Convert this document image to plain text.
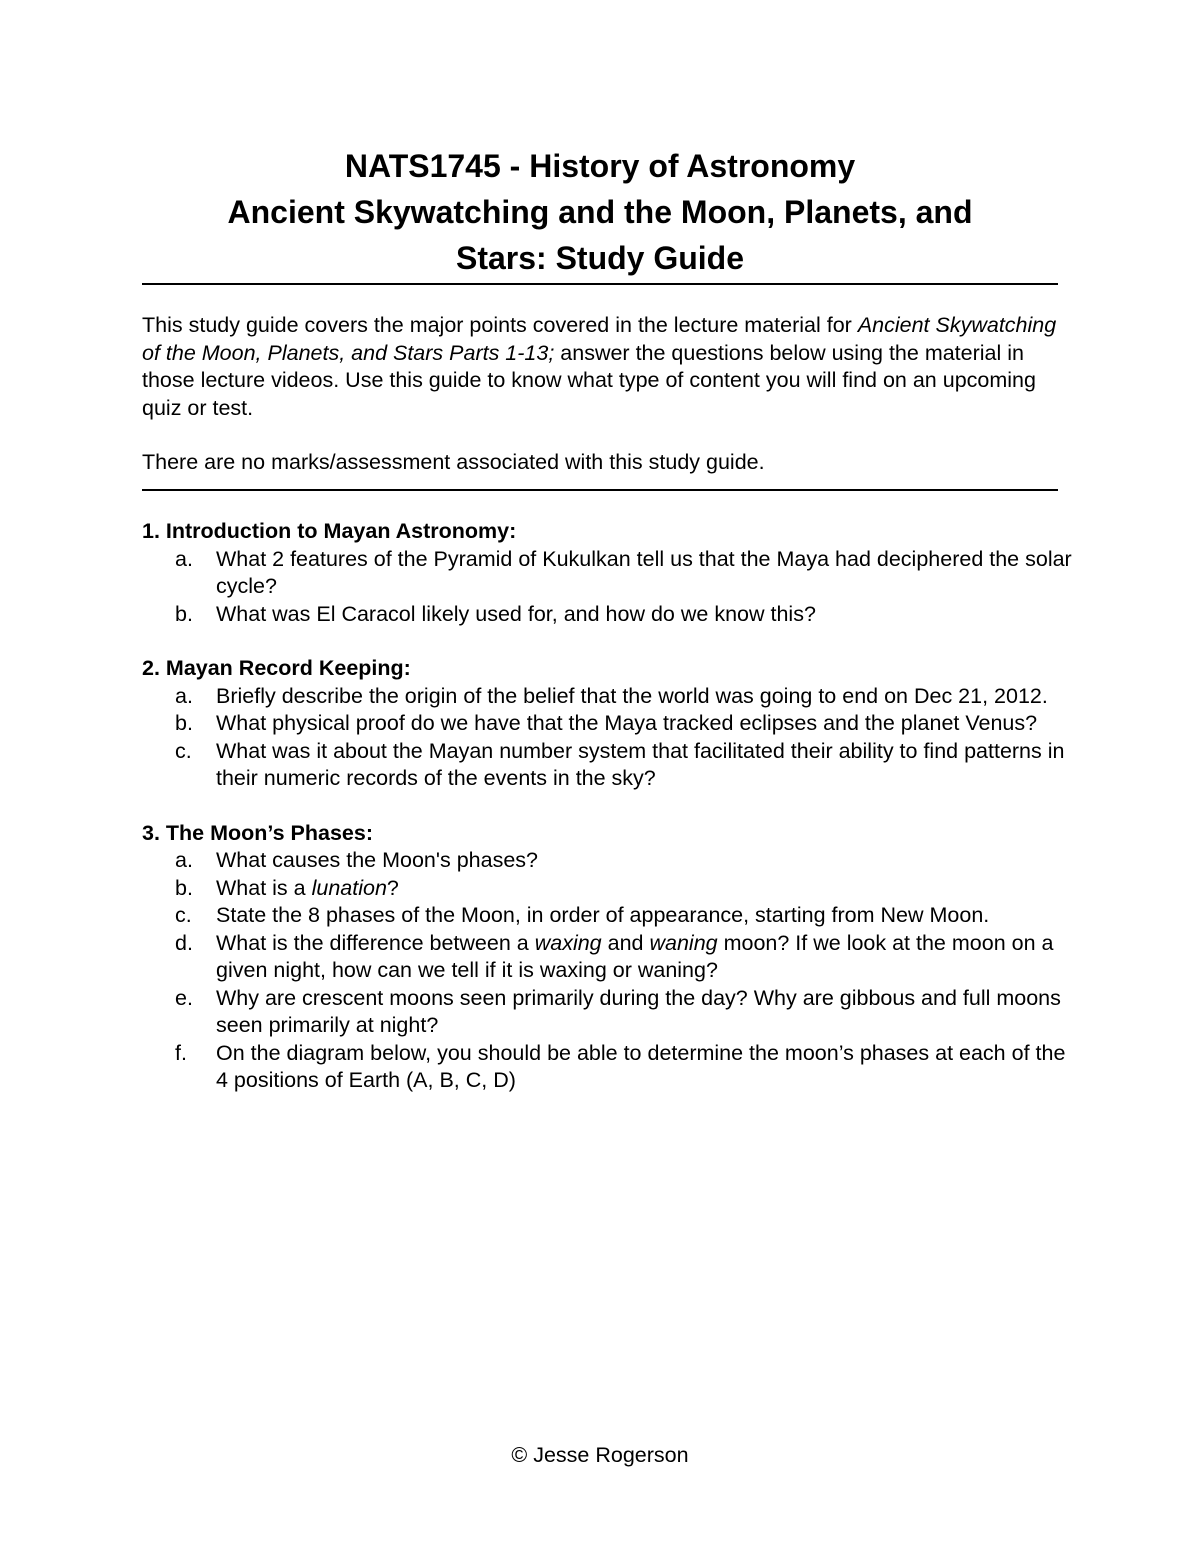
NATS1745 - History of Astronomy
Ancient Skywatching and the Moon, Planets, and
Stars: Study Guide

This study guide covers the major points covered in the lecture material for Ancient Skywatching of the Moon, Planets, and Stars Parts 1-13; answer the questions below using the material in those lecture videos. Use this guide to know what type of content you will find on an upcoming quiz or test.

There are no marks/assessment associated with this study guide.

1. Introduction to Mayan Astronomy:
a. What 2 features of the Pyramid of Kukulkan tell us that the Maya had deciphered the solar cycle?
b. What was El Caracol likely used for, and how do we know this?
2. Mayan Record Keeping:
a. Briefly describe the origin of the belief that the world was going to end on Dec 21, 2012.
b. What physical proof do we have that the Maya tracked eclipses and the planet Venus?
c. What was it about the Mayan number system that facilitated their ability to find patterns in their numeric records of the events in the sky?
3. The Moon’s Phases:
a. What causes the Moon's phases?
b. What is a lunation?
c. State the 8 phases of the Moon, in order of appearance, starting from New Moon.
d. What is the difference between a waxing and waning moon? If we look at the moon on a given night, how can we tell if it is waxing or waning?
e. Why are crescent moons seen primarily during the day? Why are gibbous and full moons seen primarily at night?
f. On the diagram below, you should be able to determine the moon’s phases at each of the 4 positions of Earth (A, B, C, D)
© Jesse Rogerson
